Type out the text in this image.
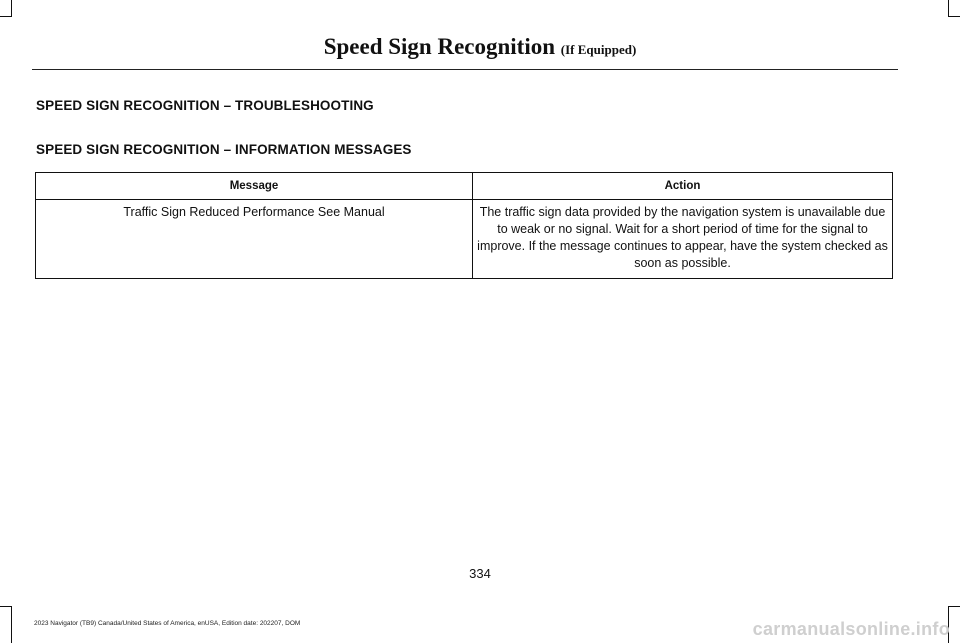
Speed Sign Recognition (If Equipped)
SPEED SIGN RECOGNITION – TROUBLESHOOTING
SPEED SIGN RECOGNITION – INFORMATION MESSAGES
Message	Action
Traffic Sign Reduced Performance See Manual	The traffic sign data provided by the navigation system is unavailable due to weak or no signal. Wait for a short period of time for the signal to improve. If the message continues to appear, have the system checked as soon as possible.
334
2023 Navigator (TB9) Canada/United States of America, enUSA, Edition date: 202207, DOM	carmanualsonline.info
